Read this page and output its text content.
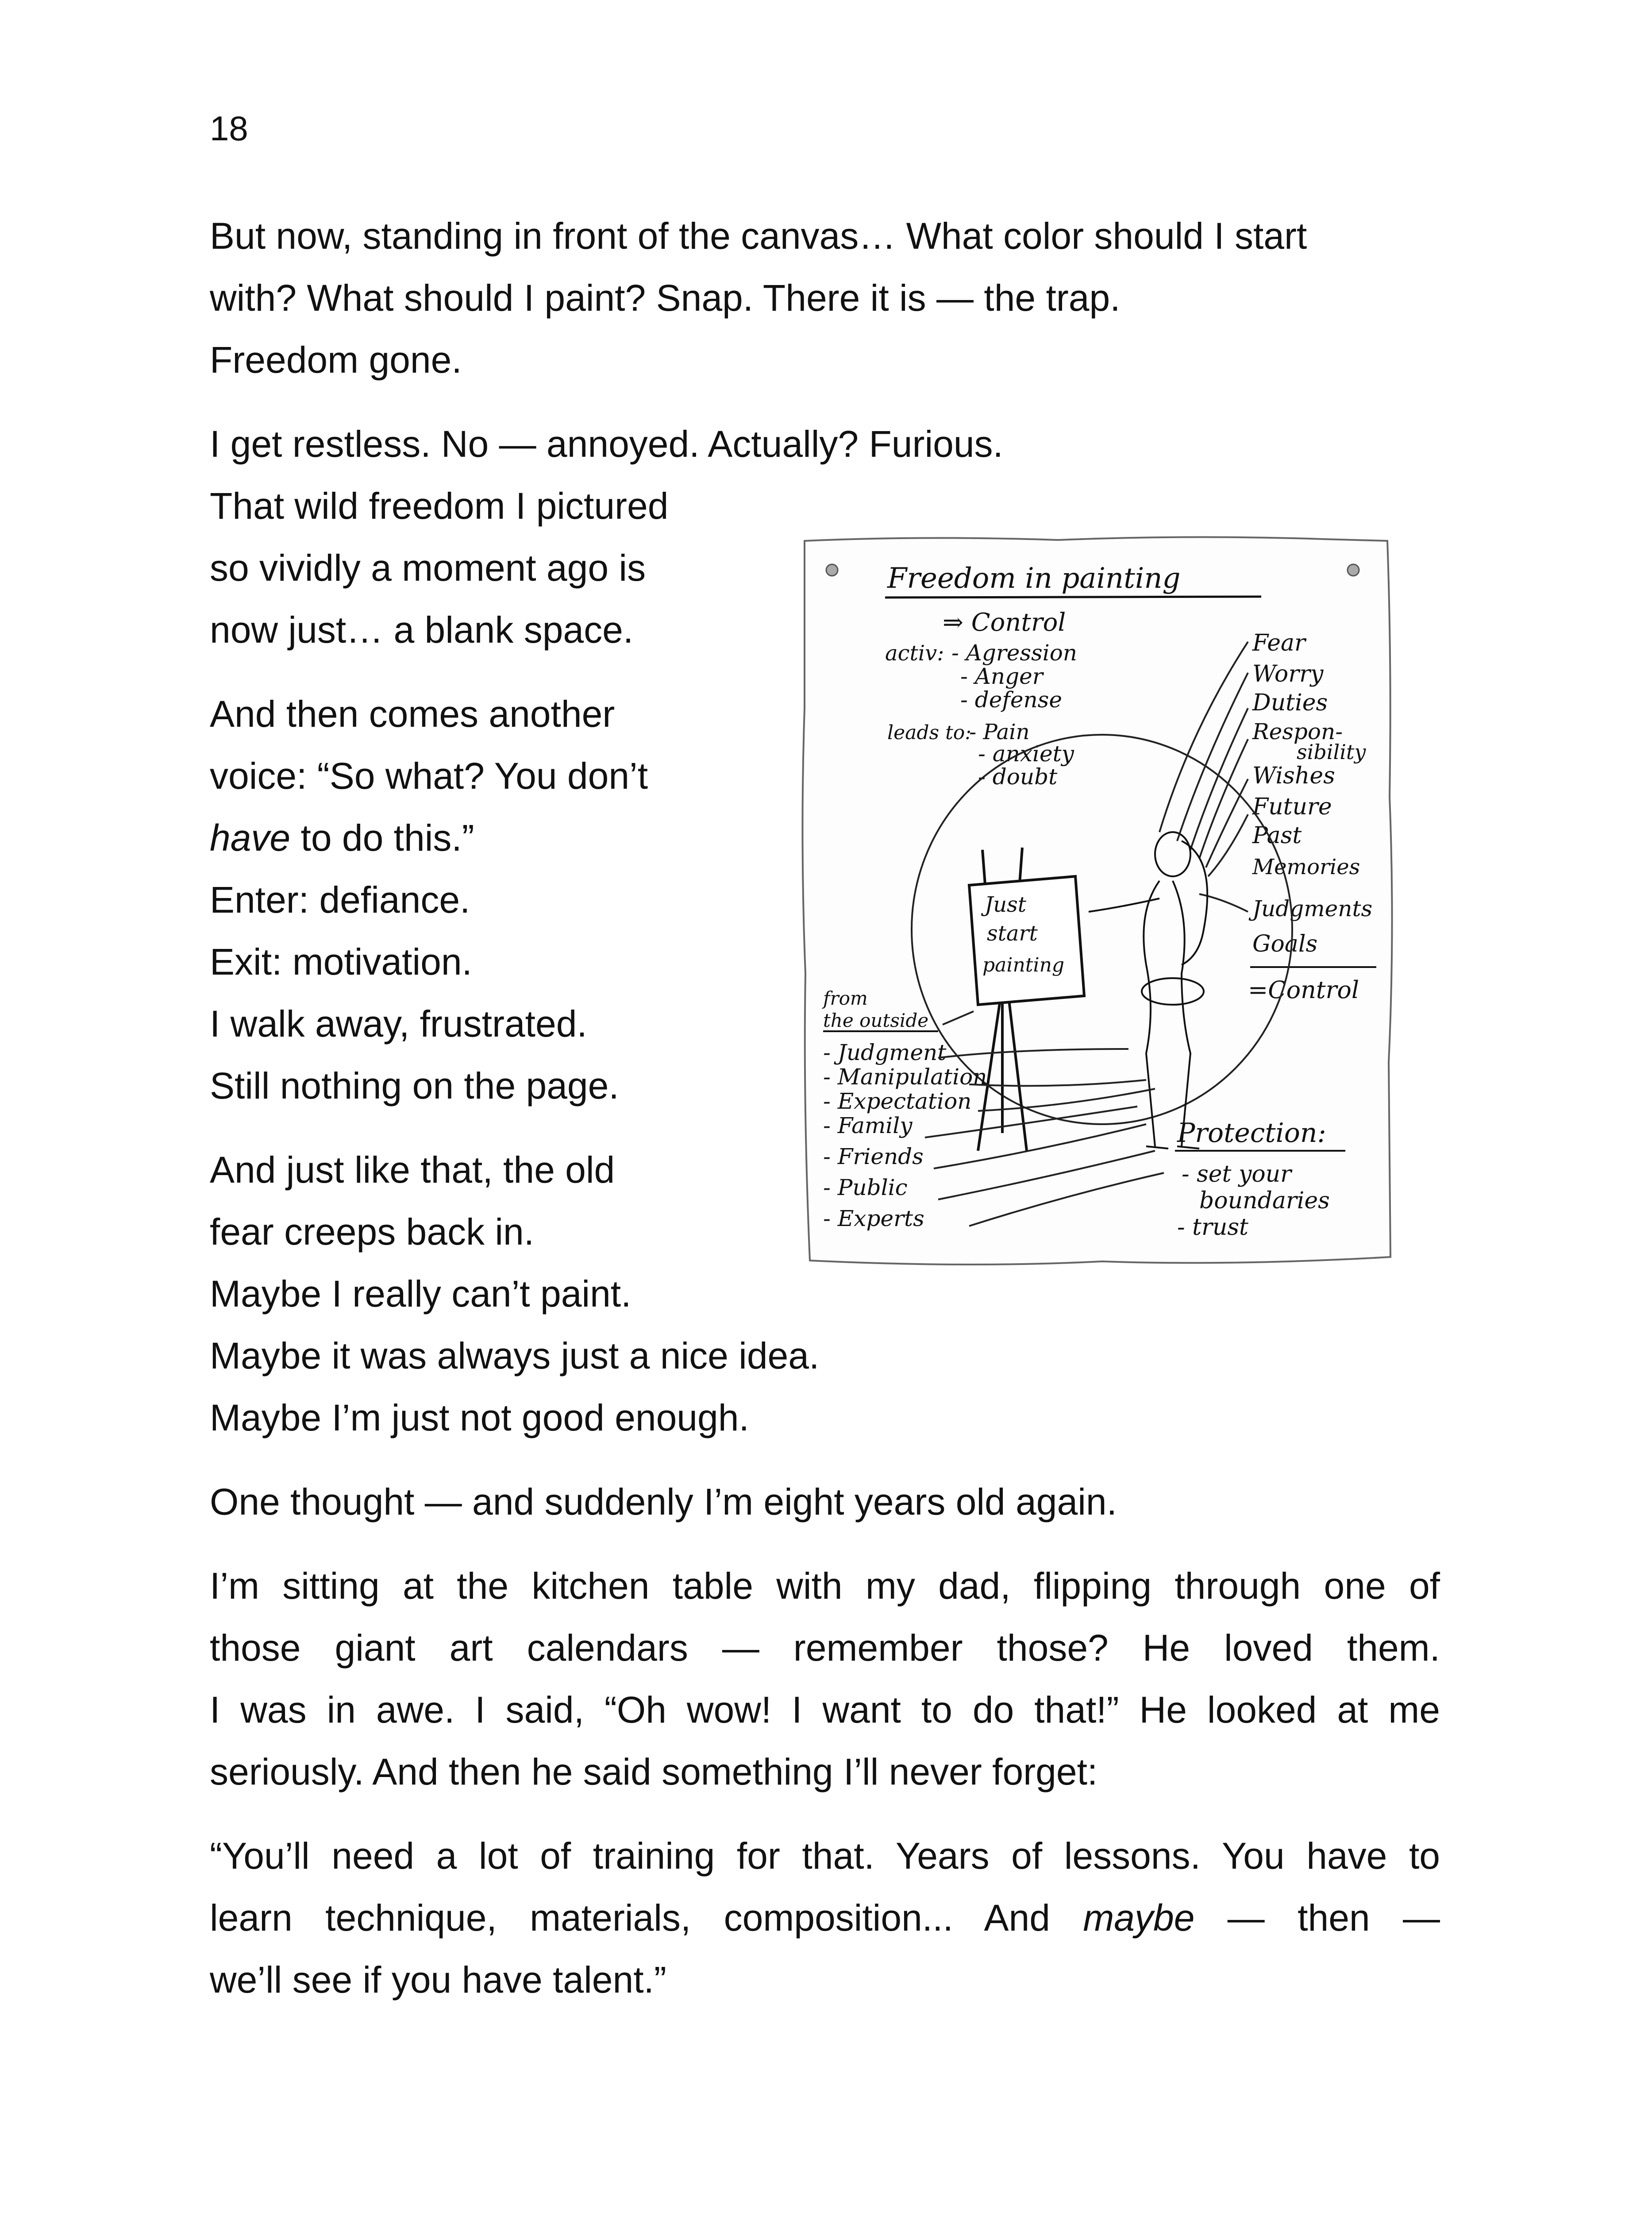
18
But now, standing in front of the canvas… What color should I start
with? What should I paint? Snap. There it is — the trap.
Freedom gone.
I get restless. No — annoyed. Actually? Furious.
That wild freedom I pictured
so vividly a moment ago is
now just… a blank space.
And then comes another
voice: “So what? You don’t
have to do this.”
Enter: defiance.
Exit: motivation.
I walk away, frustrated.
Still nothing on the page.
And just like that, the old
fear creeps back in.
Maybe I really can’t paint.
Maybe it was always just a nice idea.
Maybe I’m just not good enough.
One thought — and suddenly I’m eight years old again.
I’m sitting at the kitchen table with my dad, flipping through one of
those giant art calendars — remember those? He loved them.
I was in awe. I said, “Oh wow! I want to do that!” He looked at me
seriously. And then he said something I’ll never forget:
“You’ll need a lot of training for that. Years of lessons. You have to
learn technique, materials, composition... And maybe — then —
we’ll see if you have talent.”
Freedom in painting
⇒ Control
activ: - Agression
- Anger
- defense
leads to:
- Pain
- anxiety
- doubt
Fear
Worry
Duties
Respon-
sibility
Wishes
Future
Past
Memories
Judgments
Goals
=Control
Just
start
painting
from
the outside
- Judgment
- Manipulation
- Expectation
- Family
- Friends
- Public
- Experts
Protection:
- set your
boundaries
- trust
